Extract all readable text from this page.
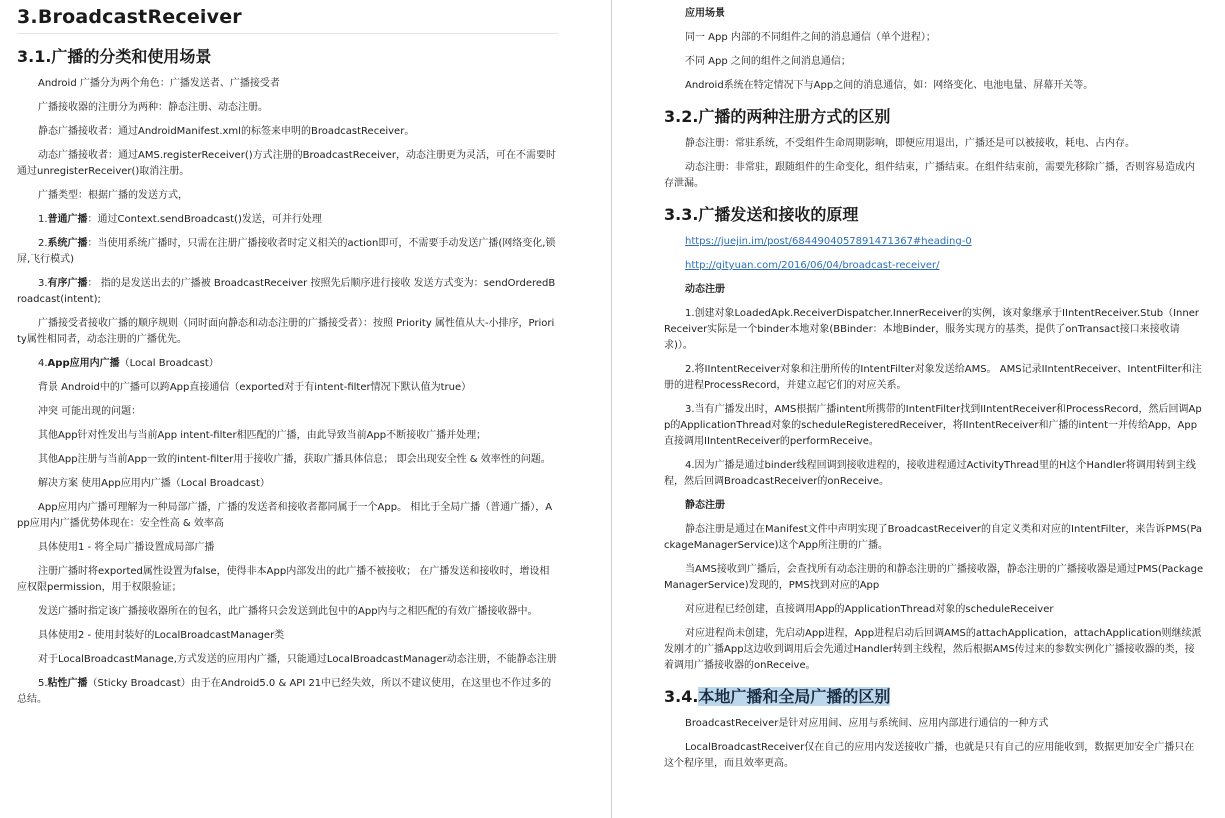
3.BroadcastReceiver
3.1.广播的分类和使用场景

Android 广播分为两个角色：广播发送者、广播接受者

广播接收器的注册分为两种：静态注册、动态注册。

静态广播接收者：通过AndroidManifest.xml的标签来申明的BroadcastReceiver。

动态广播接收者：通过AMS.registerReceiver()方式注册的BroadcastReceiver，动态注册更为灵活，可在不需要时通过unregisterReceiver()取消注册。

广播类型：根据广播的发送方式，

1.普通广播：通过Context.sendBroadcast()发送，可并行处理

2.系统广播：当使用系统广播时，只需在注册广播接收者时定义相关的action即可，不需要手动发送广播(网络变化,锁屏,飞行模式)

3.有序广播： 指的是发送出去的广播被 BroadcastReceiver 按照先后顺序进行接收 发送方式变为：sendOrderedBroadcast(intent);

广播接受者接收广播的顺序规则（同时面向静态和动态注册的广播接受者）：按照 Priority 属性值从大-小排序，Priority属性相同者，动态注册的广播优先。

4.App应用内广播（Local Broadcast）

背景 Android中的广播可以跨App直接通信（exported对于有intent-filter情况下默认值为true）

冲突 可能出现的问题：

其他App针对性发出与当前App intent-filter相匹配的广播，由此导致当前App不断接收广播并处理；

其他App注册与当前App一致的intent-filter用于接收广播，获取广播具体信息； 即会出现安全性 & 效率性的问题。

解决方案 使用App应用内广播（Local Broadcast）

App应用内广播可理解为一种局部广播，广播的发送者和接收者都同属于一个App。 相比于全局广播（普通广播），App应用内广播优势体现在：安全性高 & 效率高

具体使用1 - 将全局广播设置成局部广播

注册广播时将exported属性设置为false，使得非本App内部发出的此广播不被接收； 在广播发送和接收时，增设相应权限permission，用于权限验证；

发送广播时指定该广播接收器所在的包名，此广播将只会发送到此包中的App内与之相匹配的有效广播接收器中。

具体使用2 - 使用封装好的LocalBroadcastManager类

对于LocalBroadcastManage,方式发送的应用内广播，只能通过LocalBroadcastManager动态注册，不能静态注册

5.粘性广播（Sticky Broadcast）由于在Android5.0 & API 21中已经失效，所以不建议使用，在这里也不作过多的总结。

应用场景

同一 App 内部的不同组件之间的消息通信（单个进程）；

不同 App 之间的组件之间消息通信；

Android系统在特定情况下与App之间的消息通信，如：网络变化、电池电量、屏幕开关等。

3.2.广播的两种注册方式的区别

静态注册：常驻系统，不受组件生命周期影响，即便应用退出，广播还是可以被接收，耗电、占内存。

动态注册：非常驻，跟随组件的生命变化，组件结束，广播结束。在组件结束前，需要先移除广播，否则容易造成内存泄漏。

3.3.广播发送和接收的原理

https://juejin.im/post/6844904057891471367#heading-0

http://gityuan.com/2016/06/04/broadcast-receiver/

动态注册

1.创建对象LoadedApk.ReceiverDispatcher.InnerReceiver的实例，该对象继承于IIntentReceiver.Stub（InnerReceiver实际是一个binder本地对象(BBinder：本地Binder，服务实现方的基类，提供了onTransact接口来接收请求)）。

2.将IIntentReceiver对象和注册所传的IntentFilter对象发送给AMS。 AMS记录IIntentReceiver、IntentFilter和注册的进程ProcessRecord，并建立起它们的对应关系。

3.当有广播发出时，AMS根据广播intent所携带的IntentFilter找到IIntentReceiver和ProcessRecord，然后回调App的ApplicationThread对象的scheduleRegisteredReceiver，将IIntentReceiver和广播的intent一并传给App，App直接调用IIntentReceiver的performReceive。

4.因为广播是通过binder线程回调到接收进程的，接收进程通过ActivityThread里的H这个Handler将调用转到主线程，然后回调BroadcastReceiver的onReceive。

静态注册

静态注册是通过在Manifest文件中声明实现了BroadcastReceiver的自定义类和对应的IntentFilter，来告诉PMS(PackageManagerService)这个App所注册的广播。

当AMS接收到广播后，会查找所有动态注册的和静态注册的广播接收器，静态注册的广播接收器是通过PMS(PackageManagerService)发现的，PMS找到对应的App

对应进程已经创建，直接调用App的ApplicationThread对象的scheduleReceiver

对应进程尚未创建，先启动App进程，App进程启动后回调AMS的attachApplication，attachApplication则继续派发刚才的广播App这边收到调用后会先通过Handler转到主线程，然后根据AMS传过来的参数实例化广播接收器的类，接着调用广播接收器的onReceive。

3.4.本地广播和全局广播的区别

BroadcastReceiver是针对应用间、应用与系统间、应用内部进行通信的一种方式

LocalBroadcastReceiver仅在自己的应用内发送接收广播，也就是只有自己的应用能收到，数据更加安全广播只在这个程序里，而且效率更高。
